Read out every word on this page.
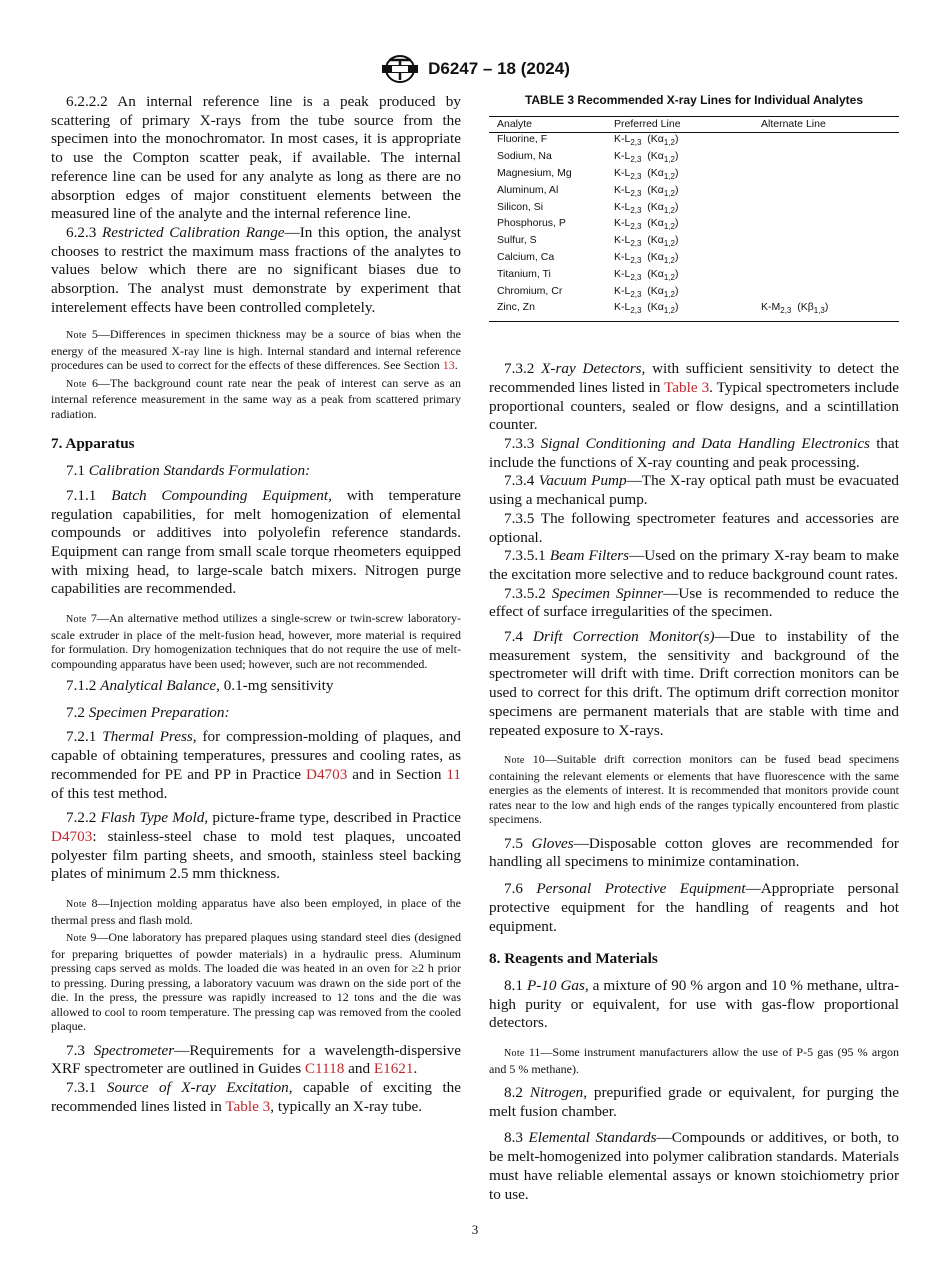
D6247 – 18 (2024)

6.2.2.2 An internal reference line is a peak produced by scattering of primary X-rays from the tube source from the specimen into the monochromator. In most cases, it is appropriate to use the Compton scatter peak, if available. The internal reference line can be used for any analyte as long as there are no absorption edges of major constituent elements between the measured line of the analyte and the internal reference line.

6.2.3 Restricted Calibration Range—In this option, the analyst chooses to restrict the maximum mass fractions of the analytes to values below which there are no significant biases due to absorption. The analyst must demonstrate by experiment that interelement effects have been controlled completely.

Note 5—Differences in specimen thickness may be a source of bias when the energy of the measured X-ray line is high. Internal standard and internal reference procedures can be used to correct for the effects of these differences. See Section 13.
Note 6—The background count rate near the peak of interest can serve as an internal reference measurement in the same way as a peak from scattered primary radiation.
7. Apparatus

7.1 Calibration Standards Formulation:

7.1.1 Batch Compounding Equipment, with temperature regulation capabilities, for melt homogenization of elemental compounds or additives into polyolefin reference standards. Equipment can range from small scale torque rheometers equipped with mixing head, to large-scale batch mixers. Nitrogen purge capabilities are recommended.

Note 7—An alternative method utilizes a single-screw or twin-screw laboratory-scale extruder in place of the melt-fusion head, however, more material is required for formulation. Dry homogenization techniques that do not require the use of melt-compounding apparatus have been used; however, such are not recommended.

7.1.2 Analytical Balance, 0.1-mg sensitivity

7.2 Specimen Preparation:

7.2.1 Thermal Press, for compression-molding of plaques, and capable of obtaining temperatures, pressures and cooling rates, as recommended for PE and PP in Practice D4703 and in Section 11 of this test method.

7.2.2 Flash Type Mold, picture-frame type, described in Practice D4703: stainless-steel chase to mold test plaques, uncoated polyester film parting sheets, and smooth, stainless steel backing plates of minimum 2.5 mm thickness.

Note 8—Injection molding apparatus have also been employed, in place of the thermal press and flash mold.
Note 9—One laboratory has prepared plaques using standard steel dies (designed for preparing briquettes of powder materials) in a hydraulic press. Aluminum pressing caps served as molds. The loaded die was heated in an oven for ≥2 h prior to pressing. During pressing, a laboratory vacuum was drawn on the side port of the die. In the press, the pressure was rapidly increased to 12 tons and the die was allowed to cool to room temperature. The pressing cap was removed from the cooled plaque.

7.3 Spectrometer—Requirements for a wavelength-dispersive XRF spectrometer are outlined in Guides C1118 and E1621.

7.3.1 Source of X-ray Excitation, capable of exciting the recommended lines listed in Table 3, typically an X-ray tube.

TABLE 3 Recommended X-ray Lines for Individual Analytes
Analyte	Preferred Line	Alternate Line
Fluorine, F	$K-L_{2,3}$  $(K\alpha_{1,2})$	
Sodium, Na	$K-L_{2,3}$  $(K\alpha_{1,2})$	
Magnesium, Mg	$K-L_{2,3}$  $(K\alpha_{1,2})$	
Aluminum, Al	$K-L_{2,3}$  $(K\alpha_{1,2})$	
Silicon, Si	$K-L_{2,3}$  $(K\alpha_{1,2})$	
Phosphorus, P	$K-L_{2,3}$  $(K\alpha_{1,2})$	
Sulfur, S	$K-L_{2,3}$  $(K\alpha_{1,2})$	
Calcium, Ca	$K-L_{2,3}$  $(K\alpha_{1,2})$	
Titanium, Ti	$K-L_{2,3}$  $(K\alpha_{1,2})$	
Chromium, Cr	$K-L_{2,3}$  $(K\alpha_{1,2})$	
Zinc, Zn	$K-L_{2,3}$  $(K\alpha_{1,2})$	$K-M_{2,3}$  $(K\beta_{1,3})$

7.3.2 X-ray Detectors, with sufficient sensitivity to detect the recommended lines listed in Table 3. Typical spectrometers include proportional counters, sealed or flow designs, and a scintillation counter.

7.3.3 Signal Conditioning and Data Handling Electronics that include the functions of X-ray counting and peak processing.

7.3.4 Vacuum Pump—The X-ray optical path must be evacuated using a mechanical pump.

7.3.5 The following spectrometer features and accessories are optional.

7.3.5.1 Beam Filters—Used on the primary X-ray beam to make the excitation more selective and to reduce background count rates.

7.3.5.2 Specimen Spinner—Use is recommended to reduce the effect of surface irregularities of the specimen.

7.4 Drift Correction Monitor(s)—Due to instability of the measurement system, the sensitivity and background of the spectrometer will drift with time. Drift correction monitors can be used to correct for this drift. The optimum drift correction monitor specimens are permanent materials that are stable with time and repeated exposure to X-rays.

Note 10—Suitable drift correction monitors can be fused bead specimens containing the relevant elements or elements that have fluorescence with the same energies as the elements of interest. It is recommended that monitors provide count rates near to the low and high ends of the ranges typically encountered from plastic specimens.

7.5 Gloves—Disposable cotton gloves are recommended for handling all specimens to minimize contamination.

7.6 Personal Protective Equipment—Appropriate personal protective equipment for the handling of reagents and hot equipment.

8. Reagents and Materials

8.1 P-10 Gas, a mixture of 90 % argon and 10 % methane, ultra-high purity or equivalent, for use with gas-flow proportional detectors.

Note 11—Some instrument manufacturers allow the use of P-5 gas (95 % argon and 5 % methane).

8.2 Nitrogen, prepurified grade or equivalent, for purging the melt fusion chamber.

8.3 Elemental Standards—Compounds or additives, or both, to be melt-homogenized into polymer calibration standards. Materials must have reliable elemental assays or known stoichiometry prior to use.

3
